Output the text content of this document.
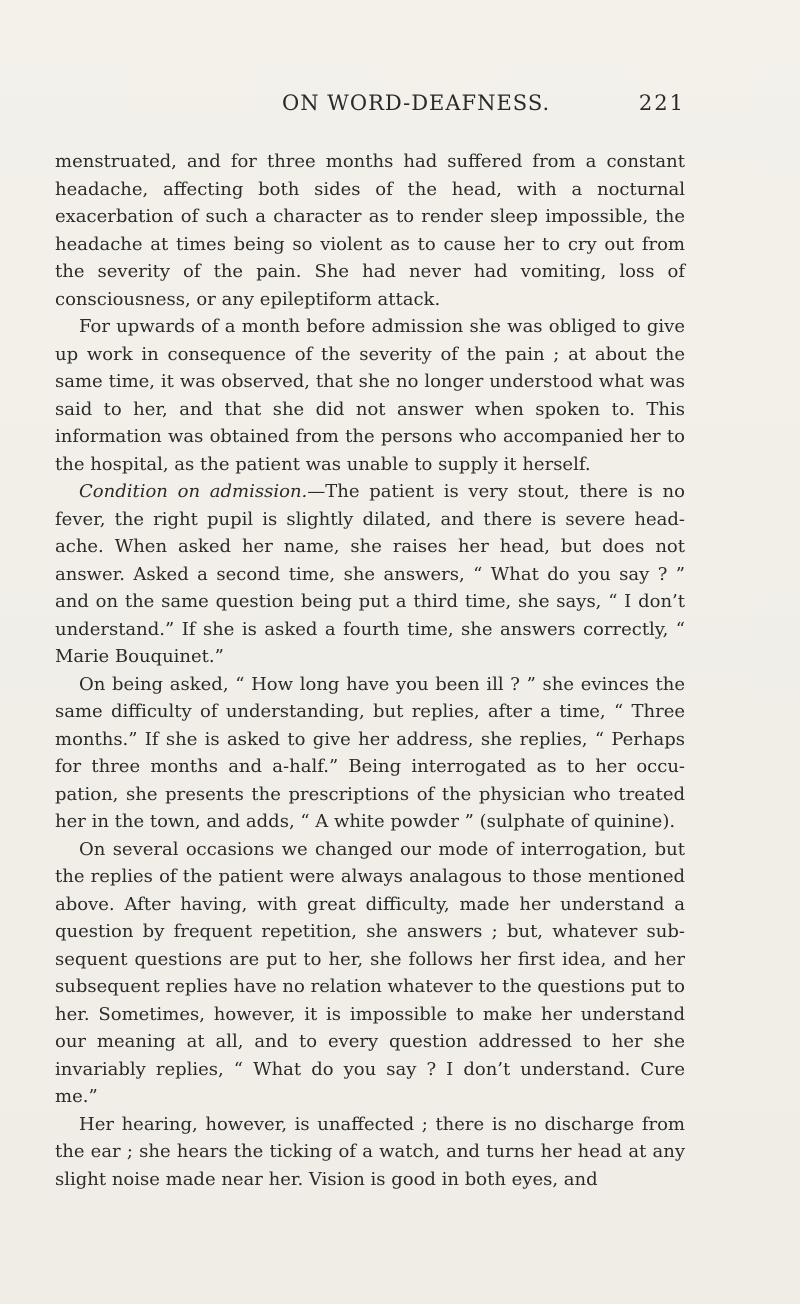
ON WORD-DEAFNESS.	221

menstruated, and for three months had suffered from a constant headache, affecting both sides of the head, with a nocturnal exacerbation of such a character as to render sleep impossible, the headache at times being so violent as to cause her to cry out from the severity of the pain. She had never had vomiting, loss of consciousness, or any epileptiform attack.

For upwards of a month before admission she was obliged to give up work in consequence of the severity of the pain ; at about the same time, it was observed, that she no longer understood what was said to her, and that she did not answer when spoken to. This information was obtained from the persons who accompanied her to the hospital, as the patient was unable to supply it herself.

Condition on admission.—The patient is very stout, there is no fever, the right pupil is slightly dilated, and there is severe head-ache. When asked her name, she raises her head, but does not answer. Asked a second time, she answers, “ What do you say ? ” and on the same question being put a third time, she says, “ I don’t understand.” If she is asked a fourth time, she answers correctly, “ Marie Bouquinet.”

On being asked, “ How long have you been ill ? ” she evinces the same difficulty of understanding, but replies, after a time, “ Three months.” If she is asked to give her address, she replies, “ Perhaps for three months and a-half.” Being interrogated as to her occu-pation, she presents the prescriptions of the physician who treated her in the town, and adds, “ A white powder ” (sulphate of quinine).

On several occasions we changed our mode of interrogation, but the replies of the patient were always analagous to those mentioned above. After having, with great difficulty, made her understand a question by frequent repetition, she answers ; but, whatever sub-sequent questions are put to her, she follows her first idea, and her subsequent replies have no relation whatever to the questions put to her. Sometimes, however, it is impossible to make her understand our meaning at all, and to every question addressed to her she invariably replies, “ What do you say ? I don’t understand. Cure me.”

Her hearing, however, is unaffected ; there is no discharge from the ear ; she hears the ticking of a watch, and turns her head at any slight noise made near her. Vision is good in both eyes, and
